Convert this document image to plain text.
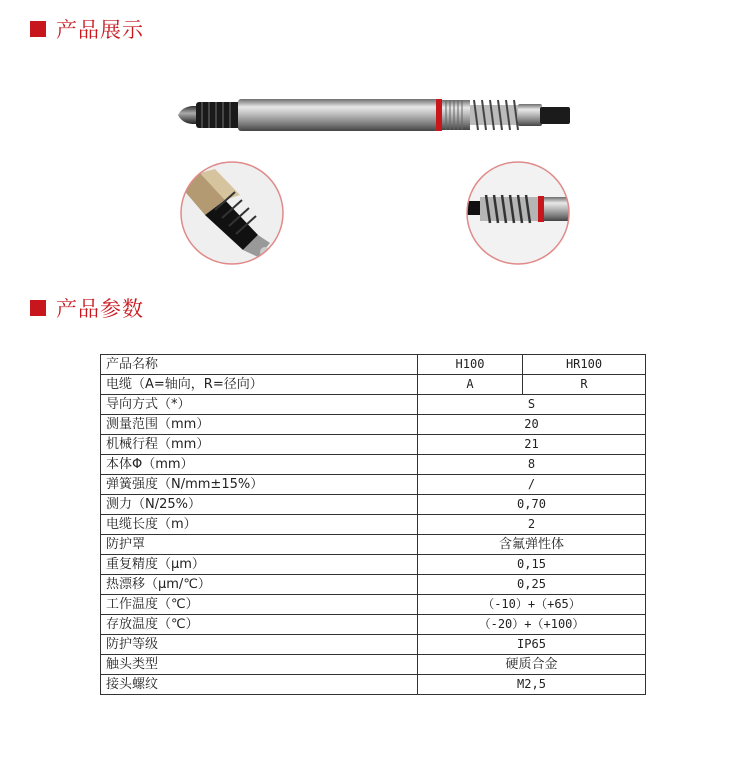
产品展示
产品参数
产品名称	H100	HR100
电缆（A=轴向，R=径向）	A	R
导向方式（*）	S	
测量范围（mm）	20	
机械行程（mm）	21	
本体Φ（mm）	8	
弹簧强度（N/mm±15%）	/	
测力（N/25%）	0,70	
电缆长度（m）	2	
防护罩	含氟弹性体	
重复精度（μm）	0,15	
热漂移（μm/℃）	0,25	
工作温度（℃）	（-10）+（+65）	
存放温度（℃）	（-20）+（+100）	
防护等级	IP65	
触头类型	硬质合金	
接头螺纹	M2,5	
